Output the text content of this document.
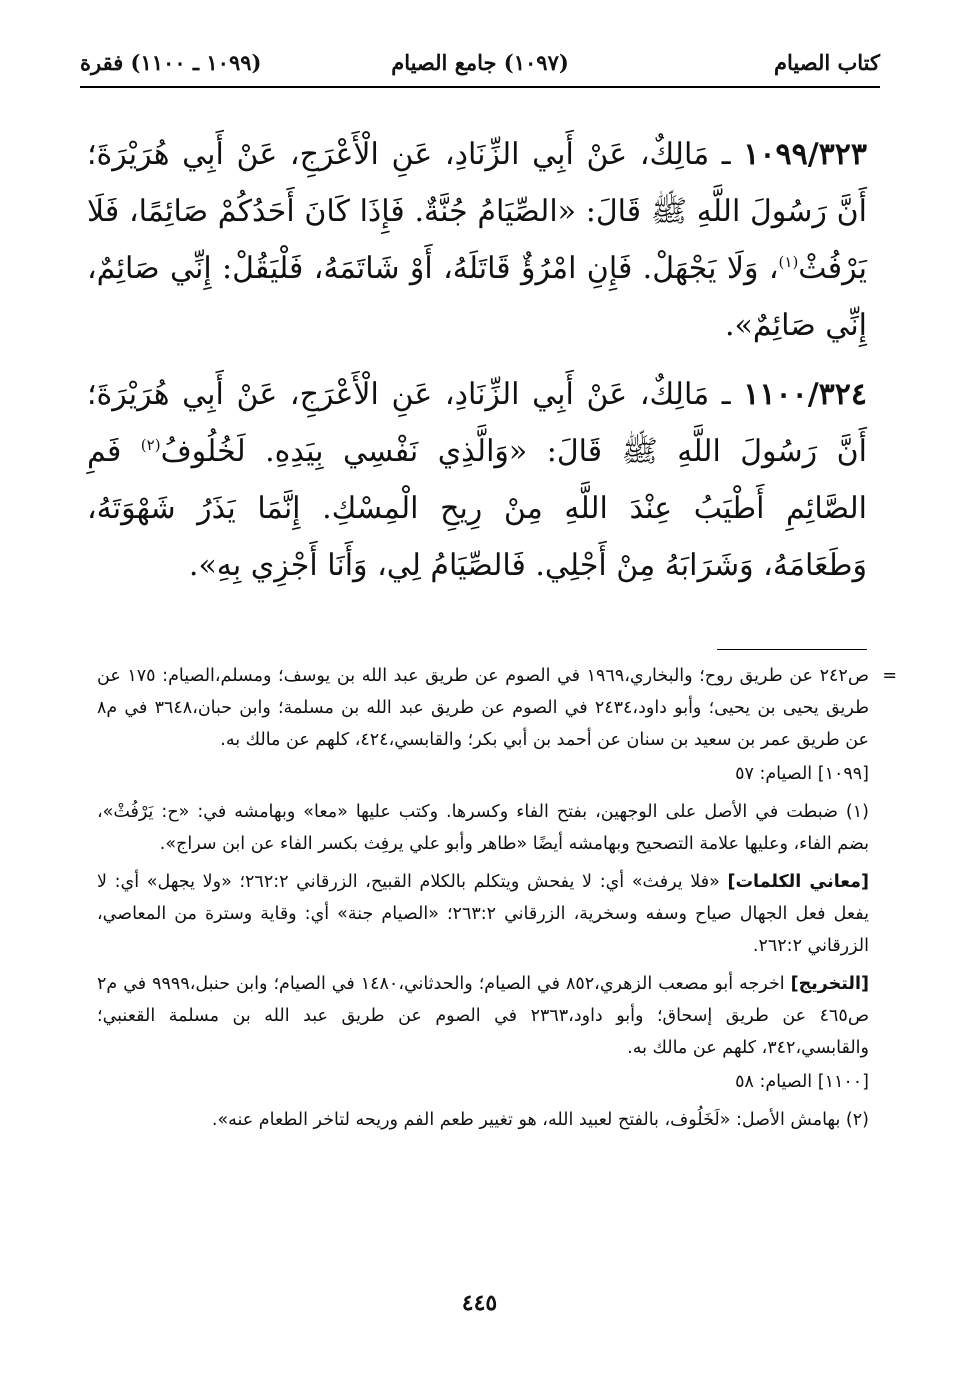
كتاب الصيام
(١٠٩٧) جامع الصيام
(١٠٩٩ ـ ١١٠٠) فقرة
١٠٩٩/٣٢٣ ـ مَالِكٌ، عَنْ أَبِي الزِّنَادِ، عَنِ الْأَعْرَجِ، عَنْ أَبِي هُرَيْرَةَ؛ أَنَّ رَسُولَ اللَّهِ ﷺ قَالَ: «الصِّيَامُ جُنَّةٌ. فَإِذَا كَانَ أَحَدُكُمْ صَائِمًا، فَلَا يَرْفُثْ$^{(١)}$، وَلَا يَجْهَلْ. فَإِنِ امْرُؤٌ قَاتَلَهُ، أَوْ شَاتَمَهُ، فَلْيَقُلْ: إِنِّي صَائِمٌ، إِنِّي صَائِمٌ».
١١٠٠/٣٢٤ ـ مَالِكٌ، عَنْ أَبِي الزِّنَادِ، عَنِ الْأَعْرَجِ، عَنْ أَبِي هُرَيْرَةَ؛ أَنَّ رَسُولَ اللَّهِ ﷺ قَالَ: «وَالَّذِي نَفْسِي بِيَدِهِ. لَخُلُوفُ$^{(٢)}$ فَمِ الصَّائِمِ أَطْيَبُ عِنْدَ اللَّهِ مِنْ رِيحِ الْمِسْكِ. إِنَّمَا يَذَرُ شَهْوَتَهُ، وَطَعَامَهُ، وَشَرَابَهُ مِنْ أَجْلِي. فَالصِّيَامُ لِي، وَأَنَا أَجْزِي بِهِ».
=

ص٢٤٢ عن طريق روح؛ والبخاري،١٩٦٩ في الصوم عن طريق عبد الله بن يوسف؛ ومسلم،الصيام: ١٧٥ عن طريق يحيى بن يحيى؛ وأبو داود،٢٤٣٤ في الصوم عن طريق عبد الله بن مسلمة؛ وابن حبان،٣٦٤٨ في م٨ عن طريق عمر بن سعيد بن سنان عن أحمد بن أبي بكر؛ والقابسي،٤٢٤، كلهم عن مالك به.

[١٠٩٩] الصيام: ٥٧

(١) ضبطت في الأصل على الوجهين، بفتح الفاء وكسرها. وكتب عليها «معا» وبهامشه في: «ح: يَرْفُثْ»، بضم الفاء، وعليها علامة التصحيح وبهامشه أيضًا «طاهر وأبو علي يرفِث بكسر الفاء عن ابن سراج».

[معاني الكلمات] «فلا يرفث» أي: لا يفحش ويتكلم بالكلام القبيح، الزرقاني ٢٦٢:٢؛ «ولا يجهل» أي: لا يفعل فعل الجهال صياح وسفه وسخرية، الزرقاني ٢٦٣:٢؛ «الصيام جنة» أي: وقاية وسترة من المعاصي، الزرقاني ٢٦٢:٢.

[التخريج] اخرجه أبو مصعب الزهري،٨٥٢ في الصيام؛ والحدثاني،١٤٨٠ في الصيام؛ وابن حنبل،٩٩٩٩ في م٢ ص٤٦٥ عن طريق إسحاق؛ وأبو داود،٢٣٦٣ في الصوم عن طريق عبد الله بن مسلمة القعنبي؛ والقابسي،٣٤٢، كلهم عن مالك به.

[١١٠٠] الصيام: ٥٨

(٢) بهامش الأصل: «لَخَلُوف، بالفتح لعبيد الله، هو تغيير طعم الفم وريحه لتاخر الطعام عنه».

٤٤٥
